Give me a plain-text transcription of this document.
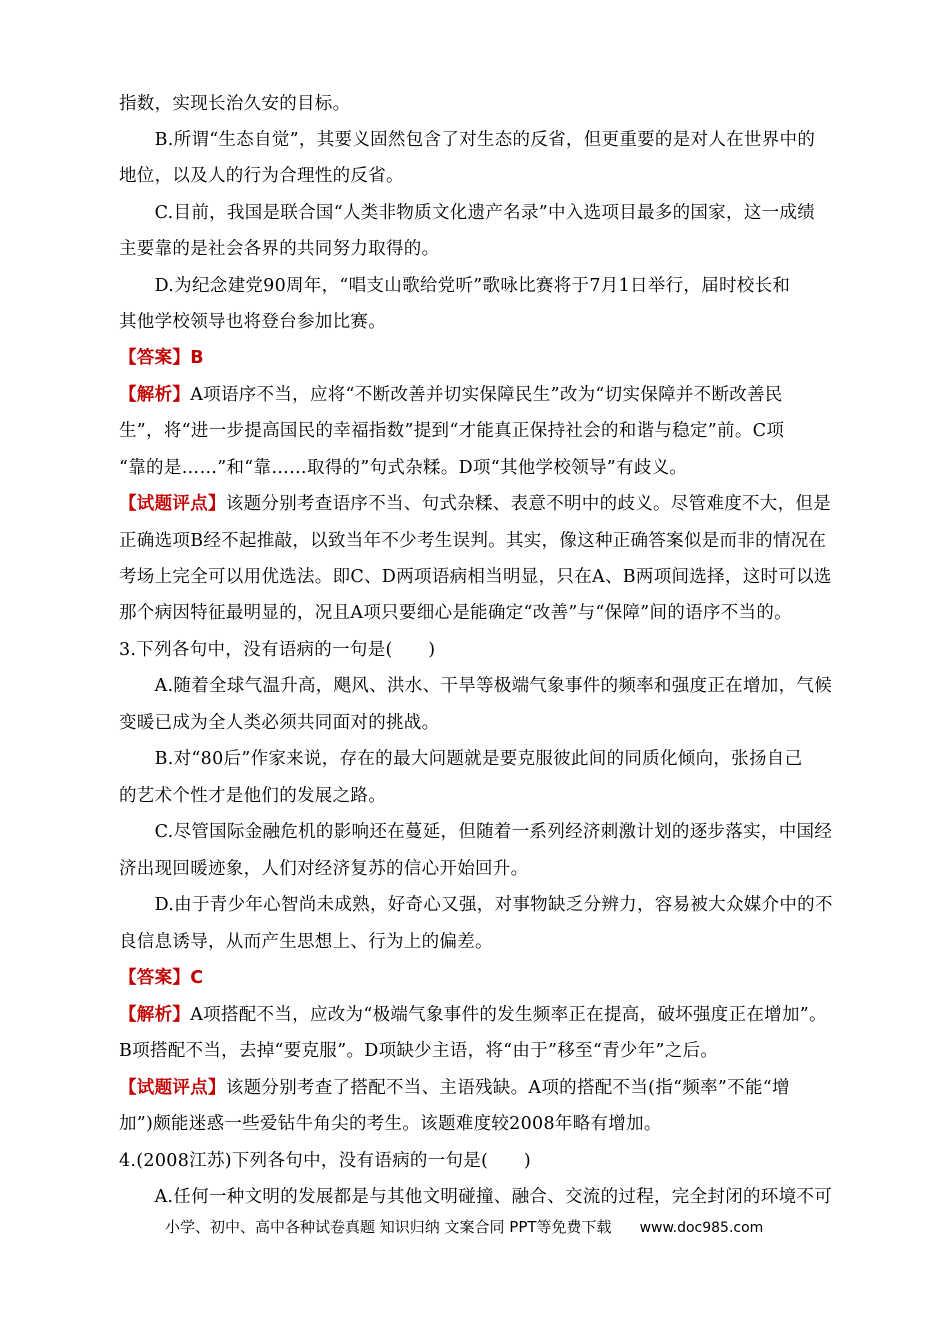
指数，实现长治久安的目标。
　　B.所谓“生态自觉”，其要义固然包含了对生态的反省，但更重要的是对人在世界中的
地位，以及人的行为合理性的反省。
　　C.目前，我国是联合国“人类非物质文化遗产名录”中入选项目最多的国家，这一成绩
主要靠的是社会各界的共同努力取得的。
　　D.为纪念建党90周年，“唱支山歌给党听”歌咏比赛将于7月1日举行，届时校长和
其他学校领导也将登台参加比赛。
【答案】B
【解析】A项语序不当，应将“不断改善并切实保障民生”改为“切实保障并不断改善民
生”，将“进一步提高国民的幸福指数”提到“才能真正保持社会的和谐与稳定”前。C项
“靠的是……”和“靠……取得的”句式杂糅。D项“其他学校领导”有歧义。
【试题评点】该题分别考查语序不当、句式杂糅、表意不明中的歧义。尽管难度不大，但是
正确选项B经不起推敲，以致当年不少考生误判。其实，像这种正确答案似是而非的情况在
考场上完全可以用优选法。即C、D两项语病相当明显，只在A、B两项间选择，这时可以选
那个病因特征最明显的，况且A项只要细心是能确定“改善”与“保障”间的语序不当的。
3.下列各句中，没有语病的一句是(　　)
　　A.随着全球气温升高，飓风、洪水、干旱等极端气象事件的频率和强度正在增加，气候
变暖已成为全人类必须共同面对的挑战。
　　B.对“80后”作家来说，存在的最大问题就是要克服彼此间的同质化倾向，张扬自己
的艺术个性才是他们的发展之路。
　　C.尽管国际金融危机的影响还在蔓延，但随着一系列经济刺激计划的逐步落实，中国经
济出现回暖迹象，人们对经济复苏的信心开始回升。
　　D.由于青少年心智尚未成熟，好奇心又强，对事物缺乏分辨力，容易被大众媒介中的不
良信息诱导，从而产生思想上、行为上的偏差。
【答案】C
【解析】A项搭配不当，应改为“极端气象事件的发生频率正在提高，破坏强度正在增加”。
B项搭配不当，去掉“要克服”。D项缺少主语，将“由于”移至“青少年”之后。
【试题评点】该题分别考查了搭配不当、主语残缺。A项的搭配不当(指“频率”不能“增
加”)颇能迷惑一些爱钻牛角尖的考生。该题难度较2008年略有增加。
4.(2008江苏)下列各句中，没有语病的一句是(　　)
　　A.任何一种文明的发展都是与其他文明碰撞、融合、交流的过程，完全封闭的环境不可
小学、初中、高中各种试卷真题 知识归纳 文案合同 PPT等免费下载 www.doc985.com
